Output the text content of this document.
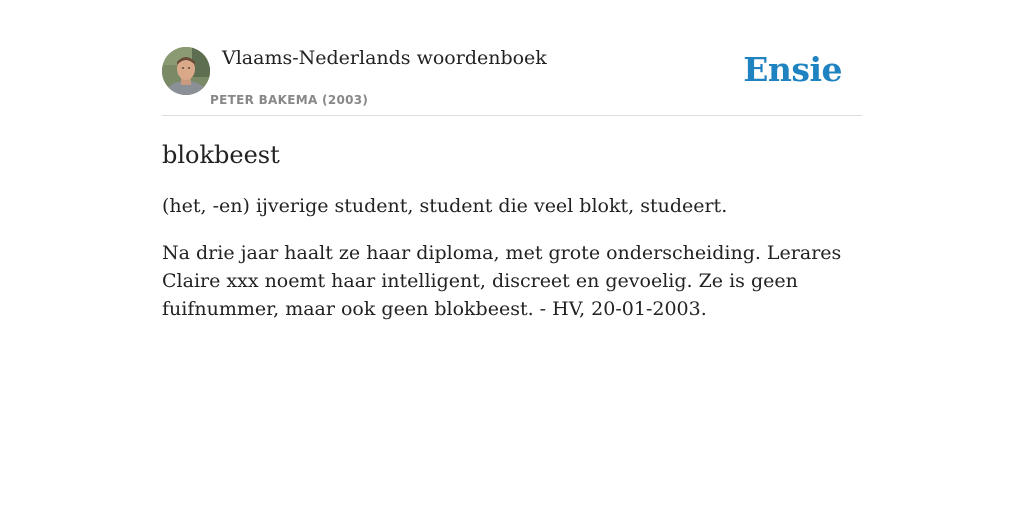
Vlaams-Nederlands woordenboek
PETER BAKEMA (2003)
Ensie
blokbeest

(het, -en) ijverige student, student die veel blokt, studeert.

Na drie jaar haalt ze haar diploma, met grote onderscheiding. Lerares Claire xxx noemt haar intelligent, discreet en gevoelig. Ze is geen fuifnummer, maar ook geen blokbeest. - HV, 20-01-2003.
